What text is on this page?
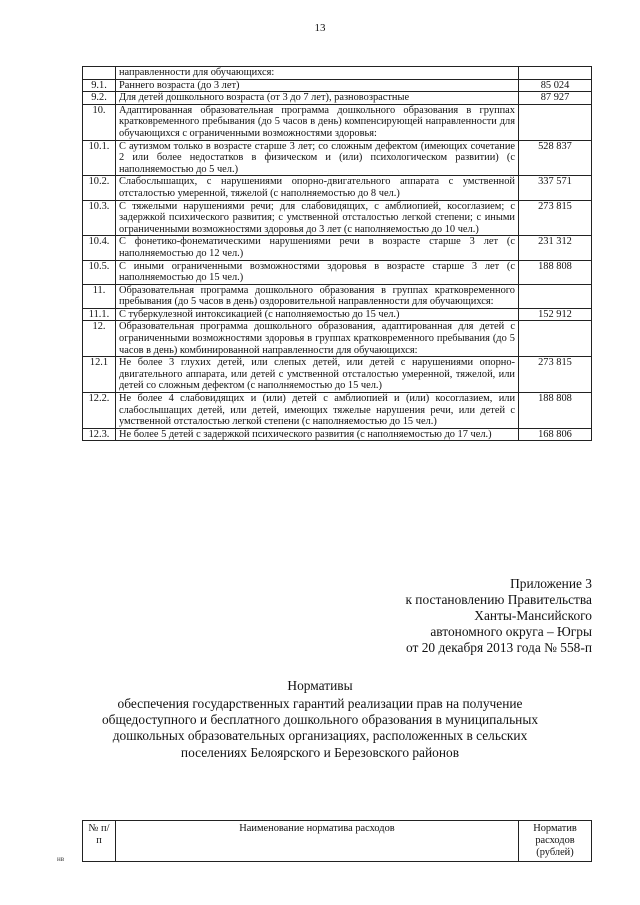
13
	направленности для обучающихся:	
9.1.	Раннего возраста (до 3 лет)	85 024
9.2.	Для детей дошкольного возраста (от 3 до 7 лет), разновозрастные	87 927
10.	Адаптированная образовательная программа дошкольного образования в группах кратковременного пребывания (до 5 часов в день) компенсирующей направленности для обучающихся с ограниченными возможностями здоровья:	
10.1.	С аутизмом только в возрасте старше 3 лет; со сложным дефектом (имеющих сочетание 2 или более недостатков в физическом и (или) психологическом развитии) (с наполняемостью до 5 чел.)	528 837
10.2.	Слабослышащих, с нарушениями опорно-двигательного аппарата с умственной отсталостью умеренной, тяжелой (с наполняемостью до 8 чел.)	337 571
10.3.	С тяжелыми нарушениями речи; для слабовидящих, с амблиопией, косоглазием; с задержкой психического развития; с умственной отсталостью легкой степени; с иными ограниченными возможностями здоровья до 3 лет (с наполняемостью до 10 чел.)	273 815
10.4.	С фонетико-фонематическими нарушениями речи в возрасте старше 3 лет (с наполняемостью до 12 чел.)	231 312
10.5.	С иными ограниченными возможностями здоровья в возрасте старше 3 лет (с наполняемостью до 15 чел.)	188 808
11.	Образовательная программа дошкольного образования в группах кратковременного пребывания (до 5 часов в день) оздоровительной направленности для обучающихся:	
11.1.	С туберкулезной интоксикацией (с наполняемостью до 15 чел.)	152 912
12.	Образовательная программа дошкольного образования, адаптированная для детей с ограниченными возможностями здоровья в группах кратковременного пребывания (до 5 часов в день) комбинированной направленности для обучающихся:	
12.1	Не более 3 глухих детей, или слепых детей, или детей с нарушениями опорно-двигательного аппарата, или детей с умственной отсталостью умеренной, тяжелой, или детей со сложным дефектом (с наполняемостью до 15 чел.)	273 815
12.2.	Не более 4 слабовидящих и (или) детей с амблиопией и (или) косоглазием, или слабослышащих детей, или детей, имеющих тяжелые нарушения речи, или детей с умственной отсталостью легкой степени (с наполняемостью до 15 чел.)	188 808
12.3.	Не более 5 детей с задержкой психического развития (с наполняемостью до 17 чел.)	168 806
Приложение 3
к постановлению Правительства
Ханты-Мансийского
автономного округа – Югры
от 20 декабря 2013 года № 558-п
Нормативы
обеспечения государственных гарантий реализации прав на получение общедоступного и бесплатного дошкольного образования в муниципальных дошкольных образовательных организациях, расположенных в сельских поселениях Белоярского и Березовского районов
№ п/п	Наименование норматива расходов	Норматив расходов (рублей)
нв
